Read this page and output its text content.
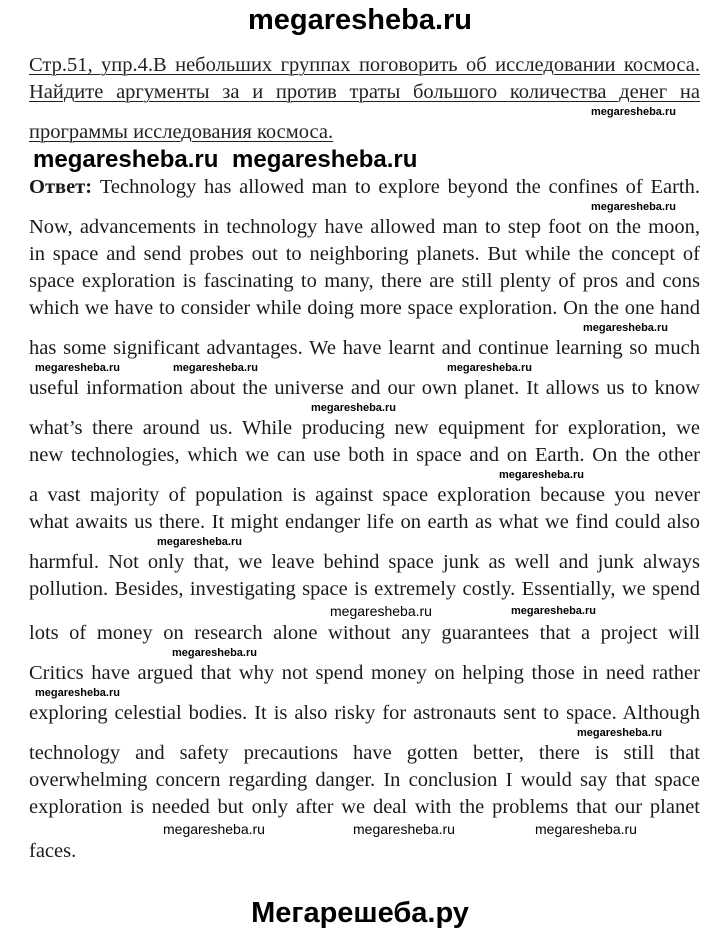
megaresheba.ru
Стр.51, упр.4.В небольших группах поговорить об исследовании космоса.
Найдите аргументы за и против траты большого количества денег на
megaresheba.ru
программы исследования космоса.
megaresheba.ru megaresheba.ru
Ответ: Technology has allowed man to explore beyond the confines of Earth.
megaresheba.ru
Now, advancements in technology have allowed man to step foot on the moon,
in space and send probes out to neighboring planets. But while the concept of
space exploration is fascinating to many, there are still plenty of pros and cons
which we have to consider while doing more space exploration. On the one hand
megaresheba.ru
has some significant advantages. We have learnt and continue learning so much
megaresheba.ru	megaresheba.ru	megaresheba.ru
useful information about the universe and our own planet. It allows us to know
megaresheba.ru
what’s there around us. While producing new equipment for exploration, we
new technologies, which we can use both in space and on Earth. On the other
megaresheba.ru
a vast majority of population is against space exploration because you never
what awaits us there. It might endanger life on earth as what we find could also
megaresheba.ru
harmful. Not only that, we leave behind space junk as well and junk always
pollution. Besides, investigating space is extremely costly. Essentially, we spend
megaresheba.ru	megaresheba.ru
lots of money on research alone without any guarantees that a project will
megaresheba.ru
Critics have argued that why not spend money on helping those in need rather
megaresheba.ru
exploring celestial bodies. It is also risky for astronauts sent to space. Although
megaresheba.ru
technology and safety precautions have gotten better, there is still that
overwhelming concern regarding danger. In conclusion I would say that space
exploration is needed but only after we deal with the problems that our planet
megaresheba.ru	megaresheba.ru	megaresheba.ru
faces.
Мегарешеба.ру
